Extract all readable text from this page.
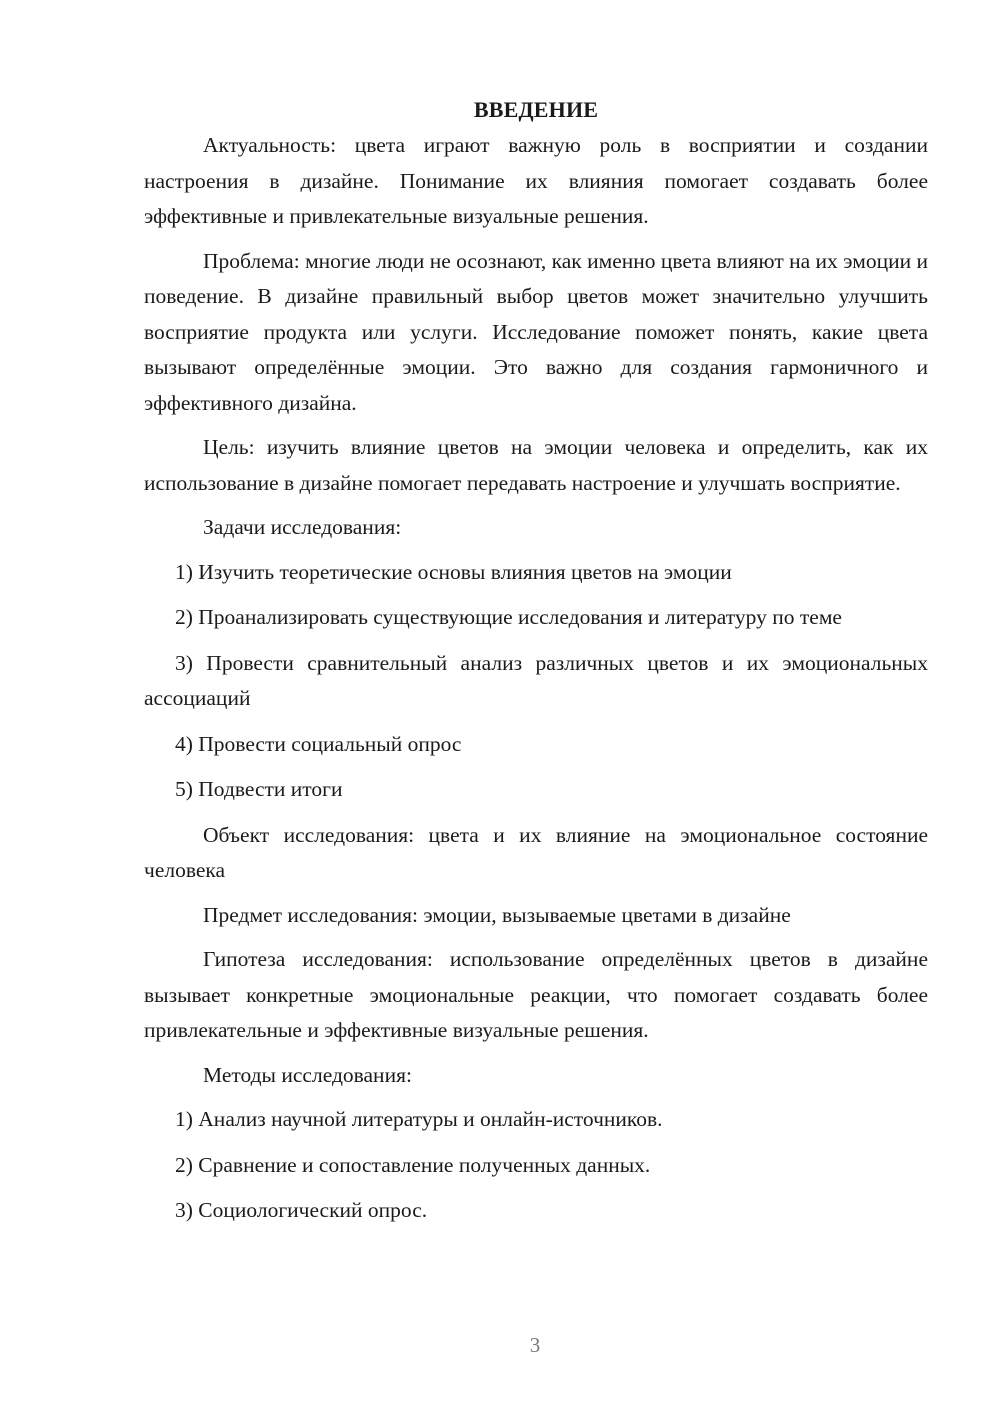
ВВЕДЕНИЕ
Актуальность: цвета играют важную роль в восприятии и создании настроения в дизайне. Понимание их влияния помогает создавать более эффективные и привлекательные визуальные решения.
Проблема: многие люди не осознают, как именно цвета влияют на их эмоции и поведение. В дизайне правильный выбор цветов может значительно улучшить восприятие продукта или услуги. Исследование поможет понять, какие цвета вызывают определённые эмоции. Это важно для создания гармоничного и эффективного дизайна.
Цель: изучить влияние цветов на эмоции человека и определить, как их использование в дизайне помогает передавать настроение и улучшать восприятие.
Задачи исследования:
1) Изучить теоретические основы влияния цветов на эмоции
2) Проанализировать существующие исследования и литературу по теме
3) Провести сравнительный анализ различных цветов и их эмоциональных ассоциаций
4) Провести социальный опрос
5) Подвести итоги
Объект исследования: цвета и их влияние на эмоциональное состояние человека
Предмет исследования: эмоции, вызываемые цветами в дизайне
Гипотеза исследования: использование определённых цветов в дизайне вызывает конкретные эмоциональные реакции, что помогает создавать более привлекательные и эффективные визуальные решения.
Методы исследования:
1) Анализ научной литературы и онлайн-источников.
2) Сравнение и сопоставление полученных данных.
3) Социологический опрос.
3
